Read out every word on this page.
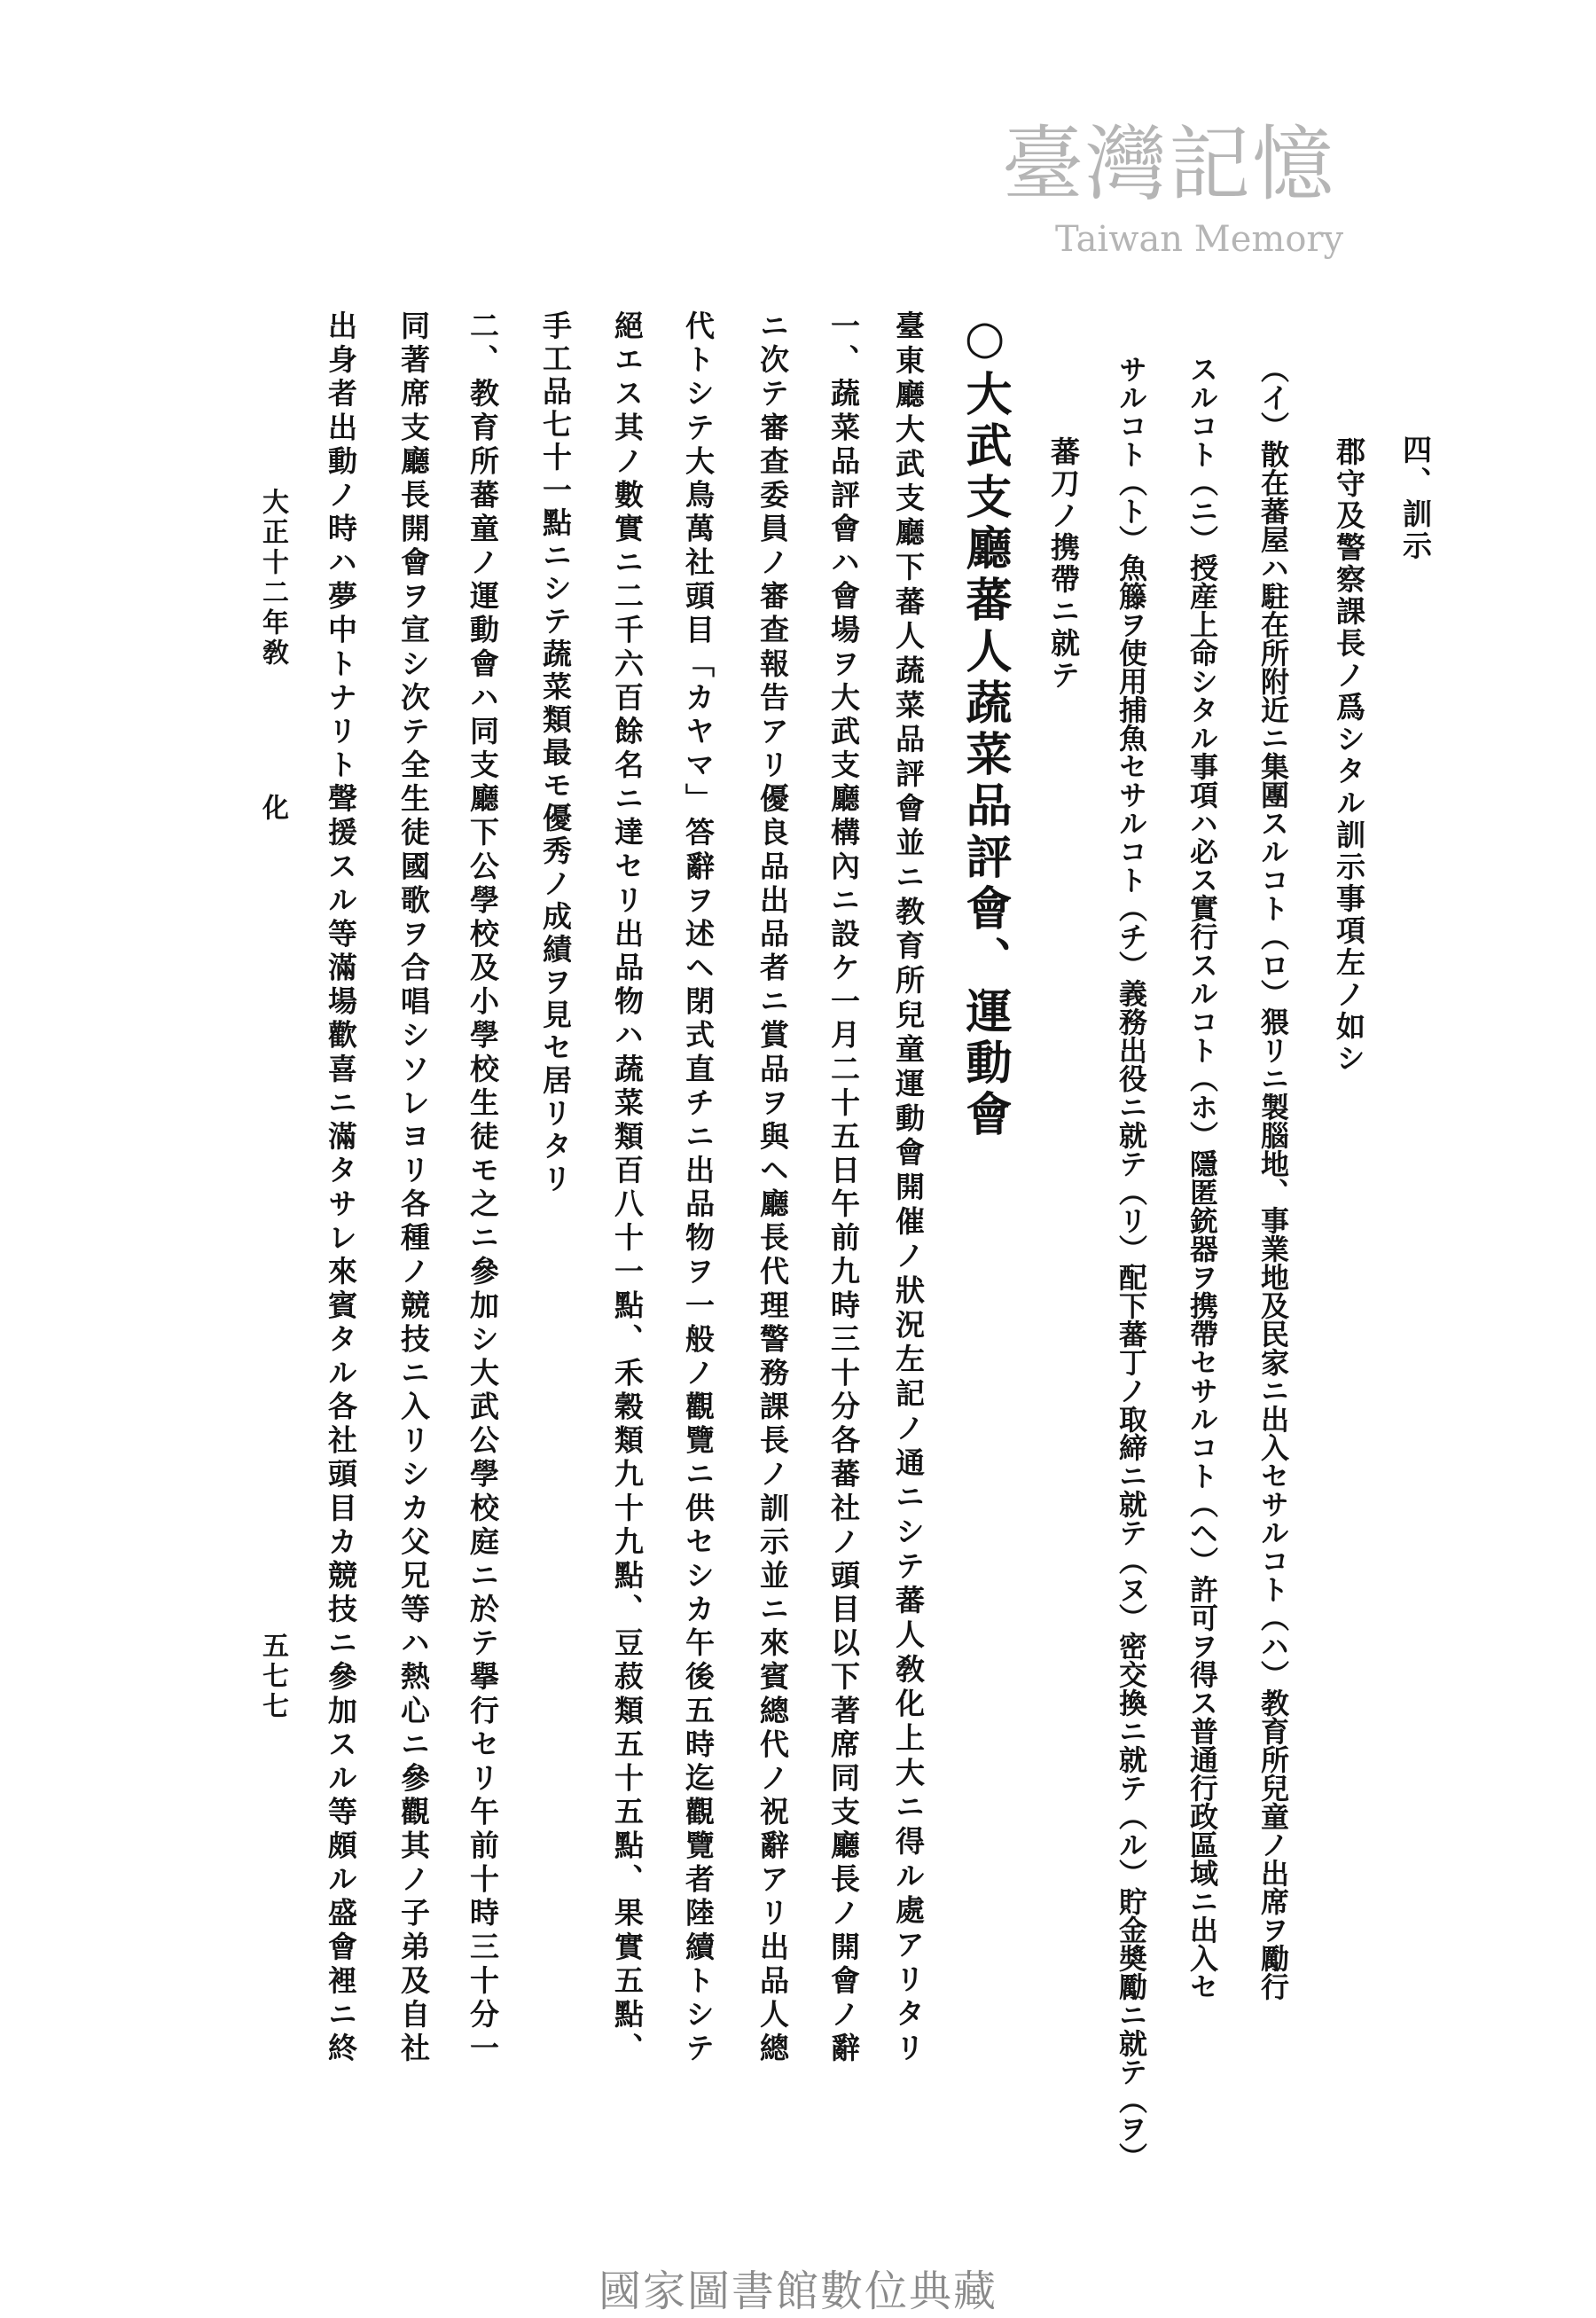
臺灣記憶
Taiwan Memory
四、訓示
郡守及警察課長ノ爲シタル訓示事項左ノ如シ
（イ）散在蕃屋ハ駐在所附近ニ集團スルコト（ロ）猥リニ製腦地、事業地及民家ニ出入セサルコト（ハ）教育所兒童ノ出席ヲ勵行
スルコト（ニ）授産上命シタル事項ハ必ス實行スルコト（ホ）隱匿銃器ヲ携帶セサルコト（ヘ）許可ヲ得ス普通行政區域ニ出入セ
サルコト（ト）魚籐ヲ使用捕魚セサルコト（チ）義務出役ニ就テ（リ）配下蕃丁ノ取締ニ就テ（ヌ）密交換ニ就テ（ル）貯金奬勵ニ就テ（ヲ）
蕃刀ノ携帶ニ就テ
○大武支廳蕃人蔬菜品評會、運動會
臺東廳大武支廳下蕃人蔬菜品評會並ニ教育所兒童運動會開催ノ狀況左記ノ通ニシテ蕃人敎化上大ニ得ル處アリタリ
一、蔬菜品評會ハ會場ヲ大武支廳構內ニ設ケ一月二十五日午前九時三十分各蕃社ノ頭目以下著席同支廳長ノ開會ノ辭
ニ次テ審查委員ノ審查報告アリ優良品出品者ニ賞品ヲ與ヘ廳長代理警務課長ノ訓示並ニ來賓總代ノ祝辭アリ出品人總
代トシテ大鳥萬社頭目「カヤマ」答辭ヲ述ヘ閉式直チニ出品物ヲ一般ノ觀覽ニ供セシカ午後五時迄觀覽者陸續トシテ
絕エス其ノ數實ニ二千六百餘名ニ達セリ出品物ハ蔬菜類百八十一點、禾穀類九十九點、豆菽類五十五點、果實五點、
手工品七十一點ニシテ蔬菜類最モ優秀ノ成績ヲ見セ居リタリ
二、教育所蕃童ノ運動會ハ同支廳下公學校及小學校生徒モ之ニ參加シ大武公學校庭ニ於テ擧行セリ午前十時三十分一
同著席支廳長開會ヲ宣シ次テ全生徒國歌ヲ合唱シソレヨリ各種ノ競技ニ入リシカ父兄等ハ熱心ニ參觀其ノ子弟及自社
出身者出動ノ時ハ夢中トナリト聲援スル等滿場歡喜ニ滿タサレ來賓タル各社頭目カ競技ニ參加スル等頗ル盛會裡ニ終
大正十二年
敎
化
五七七
國家圖書館數位典藏
